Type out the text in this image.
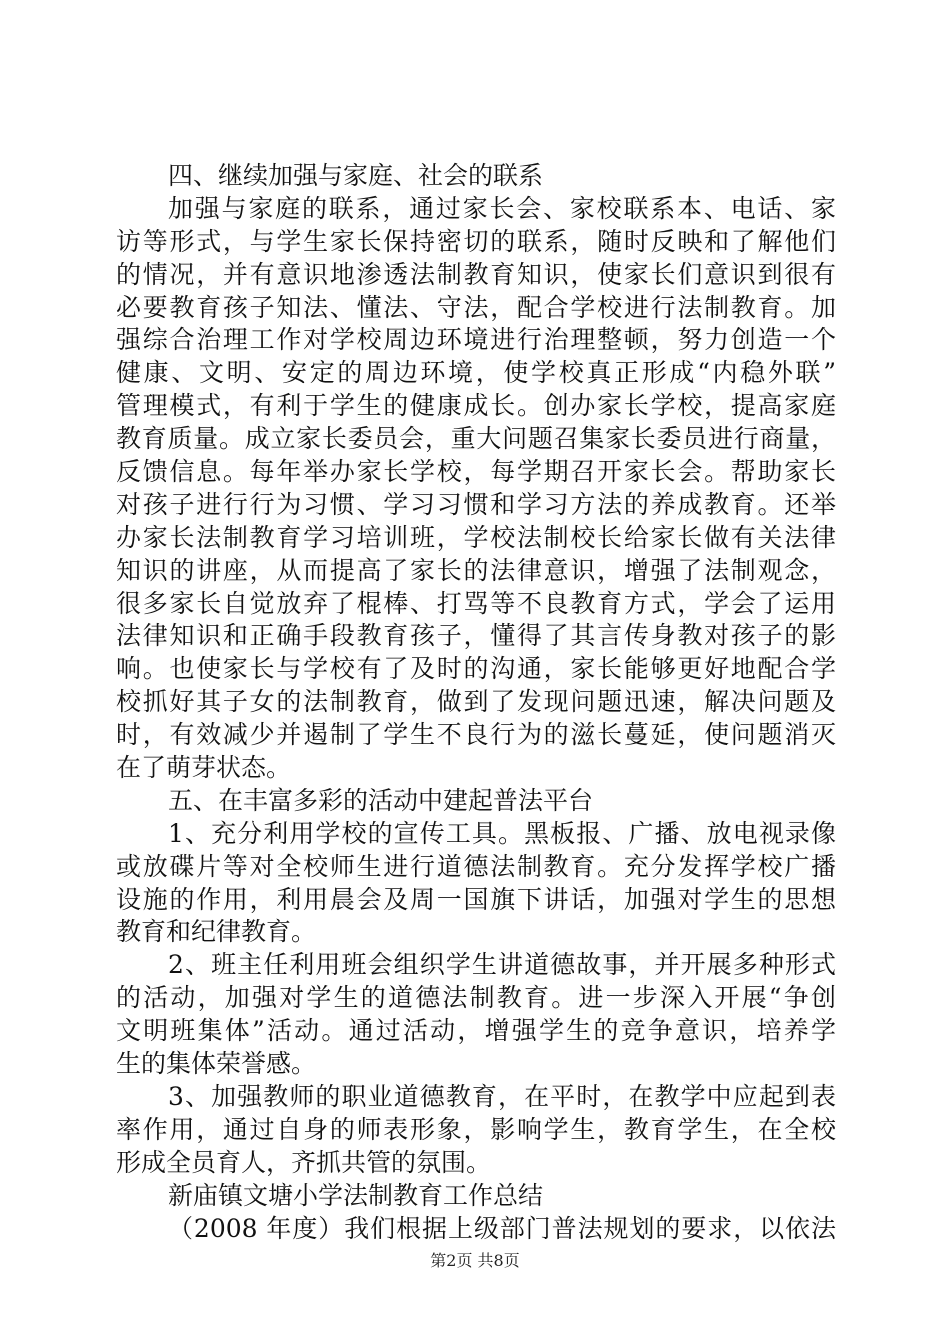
四、继续加强与家庭、社会的联系
加强与家庭的联系，通过家长会、家校联系本、电话、家
访等形式，与学生家长保持密切的联系，随时反映和了解他们
的情况，并有意识地渗透法制教育知识，使家长们意识到很有
必要教育孩子知法、懂法、守法，配合学校进行法制教育。加
强综合治理工作对学校周边环境进行治理整顿，努力创造一个
健康、文明、安定的周边环境，使学校真正形成“内稳外联”
管理模式，有利于学生的健康成长。创办家长学校，提高家庭
教育质量。成立家长委员会，重大问题召集家长委员进行商量，
反馈信息。每年举办家长学校，每学期召开家长会。帮助家长
对孩子进行行为习惯、学习习惯和学习方法的养成教育。还举
办家长法制教育学习培训班，学校法制校长给家长做有关法律
知识的讲座，从而提高了家长的法律意识，增强了法制观念，
很多家长自觉放弃了棍棒、打骂等不良教育方式，学会了运用
法律知识和正确手段教育孩子，懂得了其言传身教对孩子的影
响。也使家长与学校有了及时的沟通，家长能够更好地配合学
校抓好其子女的法制教育，做到了发现问题迅速，解决问题及
时，有效减少并遏制了学生不良行为的滋长蔓延，使问题消灭
在了萌芽状态。
五、在丰富多彩的活动中建起普法平台
1、充分利用学校的宣传工具。黑板报、广播、放电视录像
或放碟片等对全校师生进行道德法制教育。充分发挥学校广播
设施的作用，利用晨会及周一国旗下讲话，加强对学生的思想
教育和纪律教育。
2、班主任利用班会组织学生讲道德故事，并开展多种形式
的活动，加强对学生的道德法制教育。进一步深入开展“争创
文明班集体”活动。通过活动，增强学生的竞争意识，培养学
生的集体荣誉感。
3、加强教师的职业道德教育，在平时，在教学中应起到表
率作用，通过自身的师表形象，影响学生，教育学生，在全校
形成全员育人，齐抓共管的氛围。
新庙镇文塘小学法制教育工作总结
（2008 年度）我们根据上级部门普法规划的要求，以依法
第2页 共8页
